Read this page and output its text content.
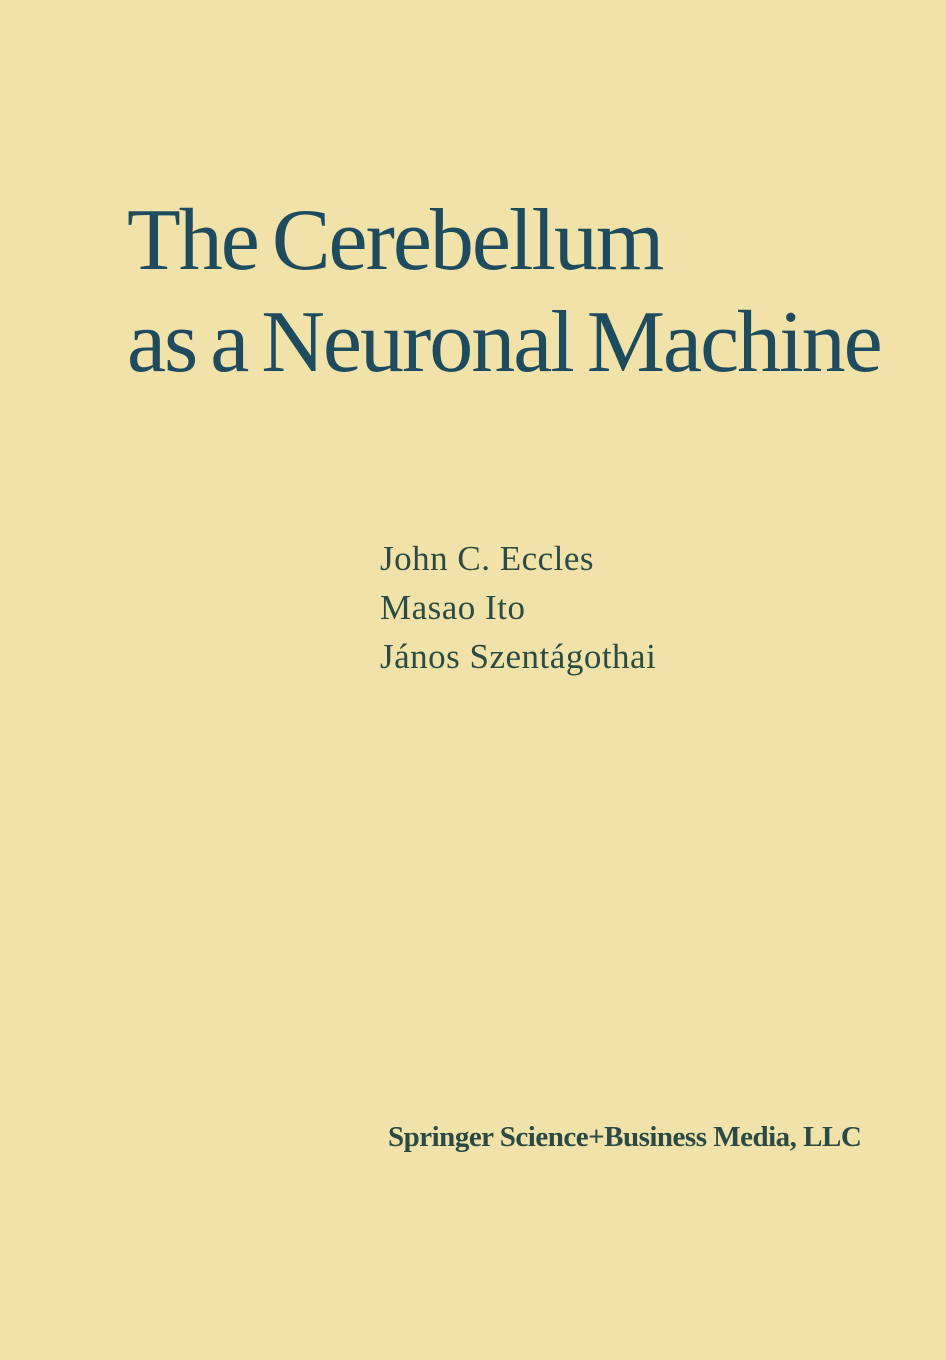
The Cerebellum
as a Neuronal Machine
John C. Eccles
Masao Ito
János Szentágothai
Springer Science+Business Media, LLC
